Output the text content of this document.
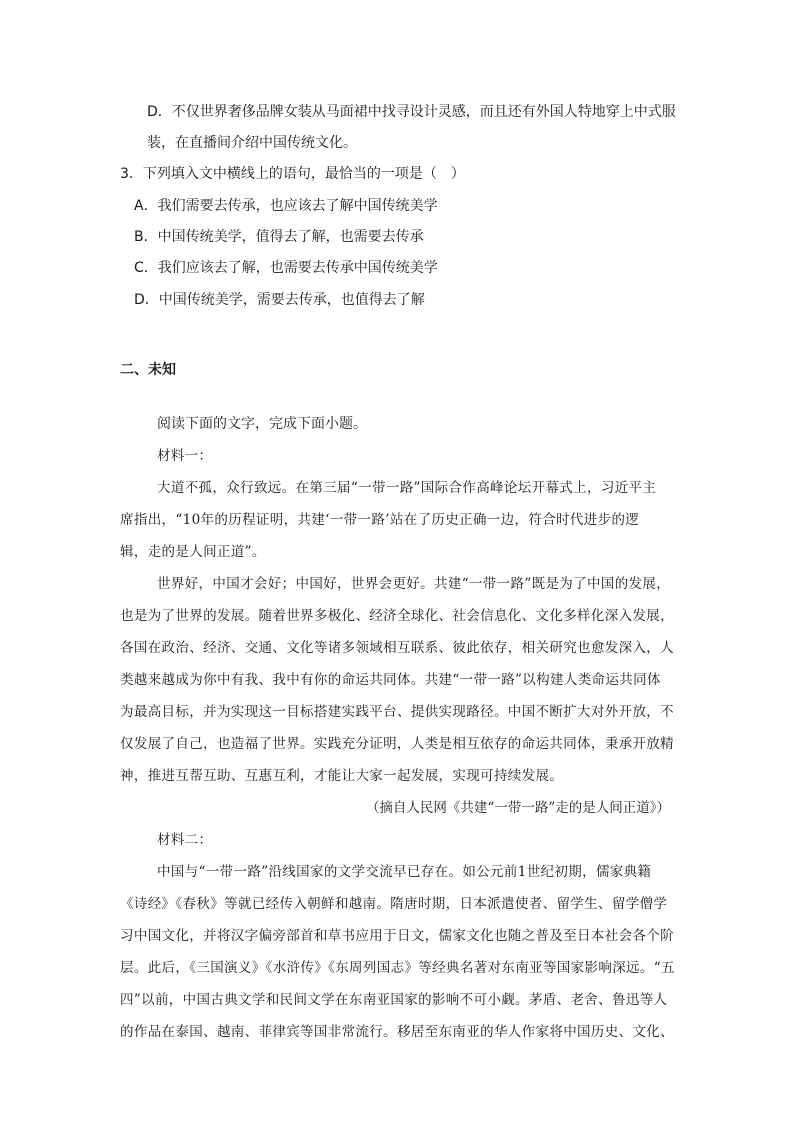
D．不仅世界奢侈品牌女装从马面裙中找寻设计灵感，而且还有外国人特地穿上中式服
装，在直播间介绍中国传统文化。
3．下列填入文中横线上的语句，最恰当的一项是（　）
A．我们需要去传承，也应该去了解中国传统美学
B．中国传统美学，值得去了解，也需要去传承
C．我们应该去了解，也需要去传承中国传统美学
D．中国传统美学，需要去传承，也值得去了解
二、未知
阅读下面的文字，完成下面小题。
材料一：
大道不孤，众行致远。在第三届“一带一路”国际合作高峰论坛开幕式上，习近平主
席指出，“10年的历程证明，共建‘一带一路’站在了历史正确一边，符合时代进步的逻
辑，走的是人间正道”。
世界好，中国才会好；中国好，世界会更好。共建“一带一路”既是为了中国的发展，
也是为了世界的发展。随着世界多极化、经济全球化、社会信息化、文化多样化深入发展，
各国在政治、经济、交通、文化等诸多领域相互联系、彼此依存，相关研究也愈发深入，人
类越来越成为你中有我、我中有你的命运共同体。共建“一带一路”以构建人类命运共同体
为最高目标，并为实现这一目标搭建实践平台、提供实现路径。中国不断扩大对外开放，不
仅发展了自己，也造福了世界。实践充分证明，人类是相互依存的命运共同体，秉承开放精
神，推进互帮互助、互惠互利，才能让大家一起发展，实现可持续发展。
（摘自人民网《共建“一带一路”走的是人间正道》）
材料二：
中国与“一带一路”沿线国家的文学交流早已存在。如公元前1世纪初期，儒家典籍
《诗经》《春秋》等就已经传入朝鲜和越南。隋唐时期，日本派遣使者、留学生、留学僧学
习中国文化，并将汉字偏旁部首和草书应用于日文，儒家文化也随之普及至日本社会各个阶
层。此后，《三国演义》《水浒传》《东周列国志》等经典名著对东南亚等国家影响深远。“五
四”以前，中国古典文学和民间文学在东南亚国家的影响不可小觑。茅盾、老舍、鲁迅等人
的作品在泰国、越南、菲律宾等国非常流行。移居至东南亚的华人作家将中国历史、文化、
